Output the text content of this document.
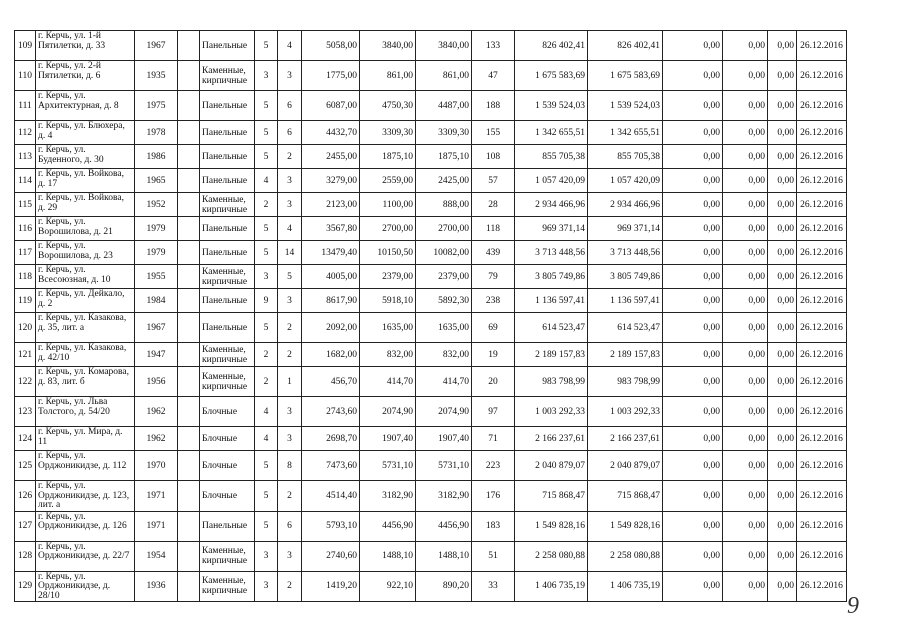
109	г. Керчь, ул. 1-й Пятилетки, д. 33	1967		Панельные	5	4	5058,00	3840,00	3840,00	133	826 402,41	826 402,41	0,00	0,00	0,00	26.12.2016
110	г. Керчь, ул. 2-й Пятилетки, д. 6	1935		Каменные, кирпичные	3	3	1775,00	861,00	861,00	47	1 675 583,69	1 675 583,69	0,00	0,00	0,00	26.12.2016
111	г. Керчь, ул. Архитектурная, д. 8	1975		Панельные	5	6	6087,00	4750,30	4487,00	188	1 539 524,03	1 539 524,03	0,00	0,00	0,00	26.12.2016
112	г. Керчь, ул. Блюхера, д. 4	1978		Панельные	5	6	4432,70	3309,30	3309,30	155	1 342 655,51	1 342 655,51	0,00	0,00	0,00	26.12.2016
113	г. Керчь, ул. Буденного, д. 30	1986		Панельные	5	2	2455,00	1875,10	1875,10	108	855 705,38	855 705,38	0,00	0,00	0,00	26.12.2016
114	г. Керчь, ул. Войкова, д. 17	1965		Панельные	4	3	3279,00	2559,00	2425,00	57	1 057 420,09	1 057 420,09	0,00	0,00	0,00	26.12.2016
115	г. Керчь, ул. Войкова, д. 29	1952		Каменные, кирпичные	2	3	2123,00	1100,00	888,00	28	2 934 466,96	2 934 466,96	0,00	0,00	0,00	26.12.2016
116	г. Керчь, ул. Ворошилова, д. 21	1979		Панельные	5	4	3567,80	2700,00	2700,00	118	969 371,14	969 371,14	0,00	0,00	0,00	26.12.2016
117	г. Керчь, ул. Ворошилова, д. 23	1979		Панельные	5	14	13479,40	10150,50	10082,00	439	3 713 448,56	3 713 448,56	0,00	0,00	0,00	26.12.2016
118	г. Керчь, ул. Всесоюзная, д. 10	1955		Каменные, кирпичные	3	5	4005,00	2379,00	2379,00	79	3 805 749,86	3 805 749,86	0,00	0,00	0,00	26.12.2016
119	г. Керчь, ул. Дейкало, д. 2	1984		Панельные	9	3	8617,90	5918,10	5892,30	238	1 136 597,41	1 136 597,41	0,00	0,00	0,00	26.12.2016
120	г. Керчь, ул. Казакова, д. 35, лит. а	1967		Панельные	5	2	2092,00	1635,00	1635,00	69	614 523,47	614 523,47	0,00	0,00	0,00	26.12.2016
121	г. Керчь, ул. Казакова, д. 42/10	1947		Каменные, кирпичные	2	2	1682,00	832,00	832,00	19	2 189 157,83	2 189 157,83	0,00	0,00	0,00	26.12.2016
122	г. Керчь, ул. Комарова, д. 83, лит. б	1956		Каменные, кирпичные	2	1	456,70	414,70	414,70	20	983 798,99	983 798,99	0,00	0,00	0,00	26.12.2016
123	г. Керчь, ул. Льва Толстого, д. 54/20	1962		Блочные	4	3	2743,60	2074,90	2074,90	97	1 003 292,33	1 003 292,33	0,00	0,00	0,00	26.12.2016
124	г. Керчь, ул. Мира, д. 11	1962		Блочные	4	3	2698,70	1907,40	1907,40	71	2 166 237,61	2 166 237,61	0,00	0,00	0,00	26.12.2016
125	г. Керчь, ул. Орджоникидзе, д. 112	1970		Блочные	5	8	7473,60	5731,10	5731,10	223	2 040 879,07	2 040 879,07	0,00	0,00	0,00	26.12.2016
126	г. Керчь, ул. Орджоникидзе, д. 123, лит. а	1971		Блочные	5	2	4514,40	3182,90	3182,90	176	715 868,47	715 868,47	0,00	0,00	0,00	26.12.2016
127	г. Керчь, ул. Орджоникидзе, д. 126	1971		Панельные	5	6	5793,10	4456,90	4456,90	183	1 549 828,16	1 549 828,16	0,00	0,00	0,00	26.12.2016
128	г. Керчь, ул. Орджоникидзе, д. 22/7	1954		Каменные, кирпичные	3	3	2740,60	1488,10	1488,10	51	2 258 080,88	2 258 080,88	0,00	0,00	0,00	26.12.2016
129	г. Керчь, ул. Орджоникидзе, д. 28/10	1936		Каменные, кирпичные	3	2	1419,20	922,10	890,20	33	1 406 735,19	1 406 735,19	0,00	0,00	0,00	26.12.2016
9
